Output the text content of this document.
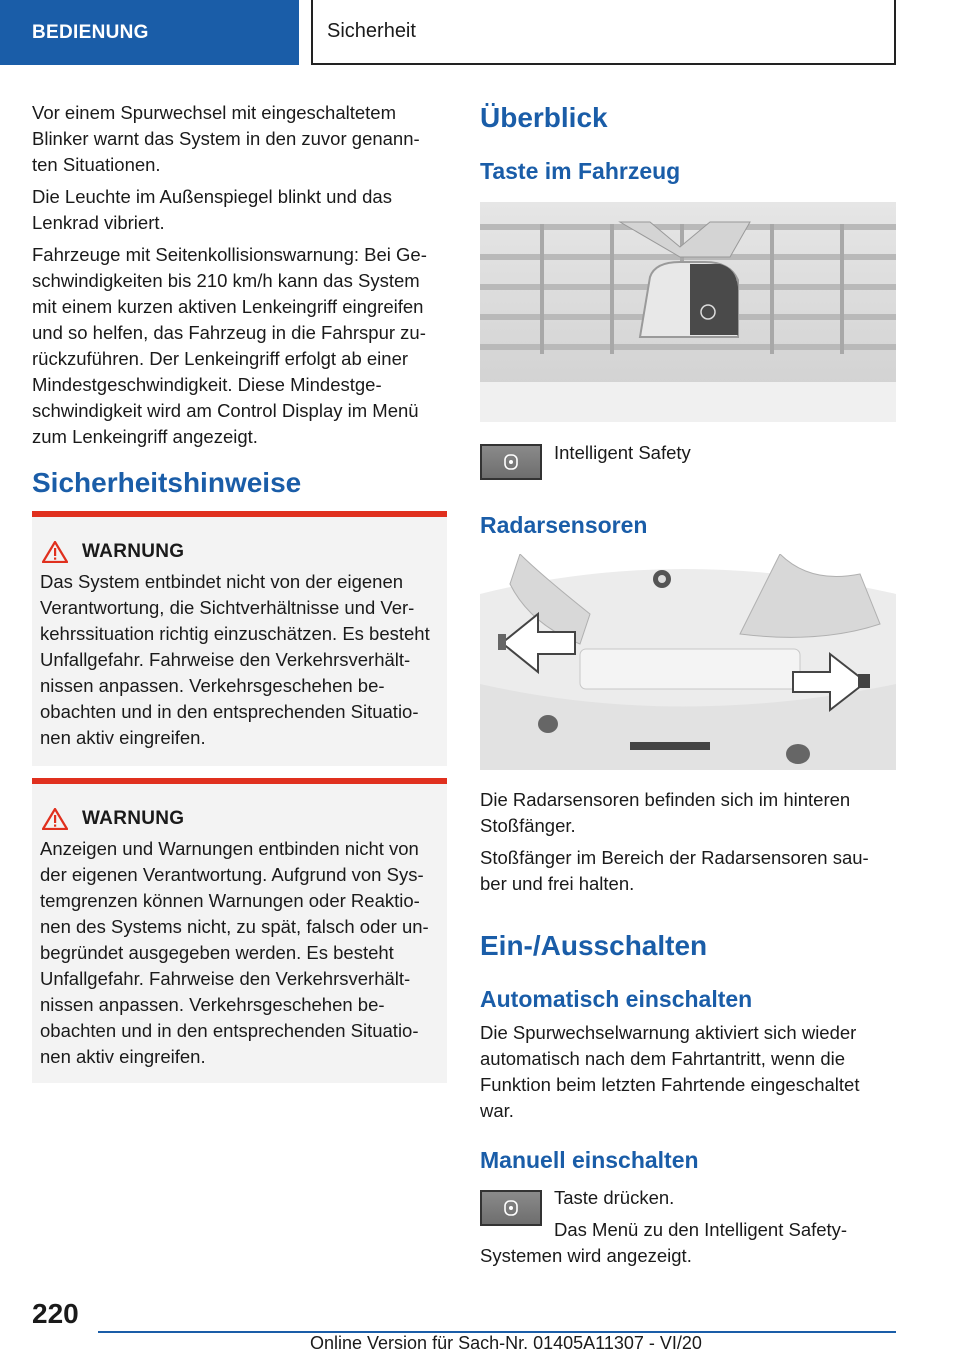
BEDIENUNG	Sicherheit

Vor einem Spurwechsel mit eingeschaltetem Blinker warnt das System in den zuvor genann‐ ten Situationen.

Die Leuchte im Außenspiegel blinkt und das Lenkrad vibriert.

Fahrzeuge mit Seitenkollisionswarnung: Bei Ge‐ schwindigkeiten bis 210 km/h kann das System mit einem kurzen aktiven Lenkeingriff eingreifen und so helfen, das Fahrzeug in die Fahrspur zu‐ rückzuführen. Der Lenkeingriff erfolgt ab einer Mindestgeschwindigkeit. Diese Mindestge‐ schwindigkeit wird am Control Display im Menü zum Lenkeingriff angezeigt.

Sicherheitshinweise
WARNUNG
Das System entbindet nicht von der eigenen Verantwortung, die Sichtverhältnisse und Ver‐ kehrssituation richtig einzuschätzen. Es besteht Unfallgefahr. Fahrweise den Verkehrsverhält‐ nissen anpassen. Verkehrsgeschehen be‐ obachten und in den entsprechenden Situatio‐ nen aktiv eingreifen.
WARNUNG
Anzeigen und Warnungen entbinden nicht von der eigenen Verantwortung. Aufgrund von Sys‐ temgrenzen können Warnungen oder Reaktio‐ nen des Systems nicht, zu spät, falsch oder un‐ begründet ausgegeben werden. Es besteht Unfallgefahr. Fahrweise den Verkehrsverhält‐ nissen anpassen. Verkehrsgeschehen be‐ obachten und in den entsprechenden Situatio‐ nen aktiv eingreifen.
Überblick
Taste im Fahrzeug
Intelligent Safety
Radarsensoren

Die Radarsensoren befinden sich im hinteren Stoßfänger.

Stoßfänger im Bereich der Radarsensoren sau‐ ber und frei halten.

Ein-/Ausschalten
Automatisch einschalten
Die Spurwechselwarnung aktiviert sich wieder automatisch nach dem Fahrtantritt, wenn die Funktion beim letzten Fahrtende eingeschaltet war.
Manuell einschalten
Taste drücken.
Das Menü zu den Intelligent Safety-Systemen wird angezeigt.
220
Online Version für Sach-Nr. 01405A11307 - VI/20
